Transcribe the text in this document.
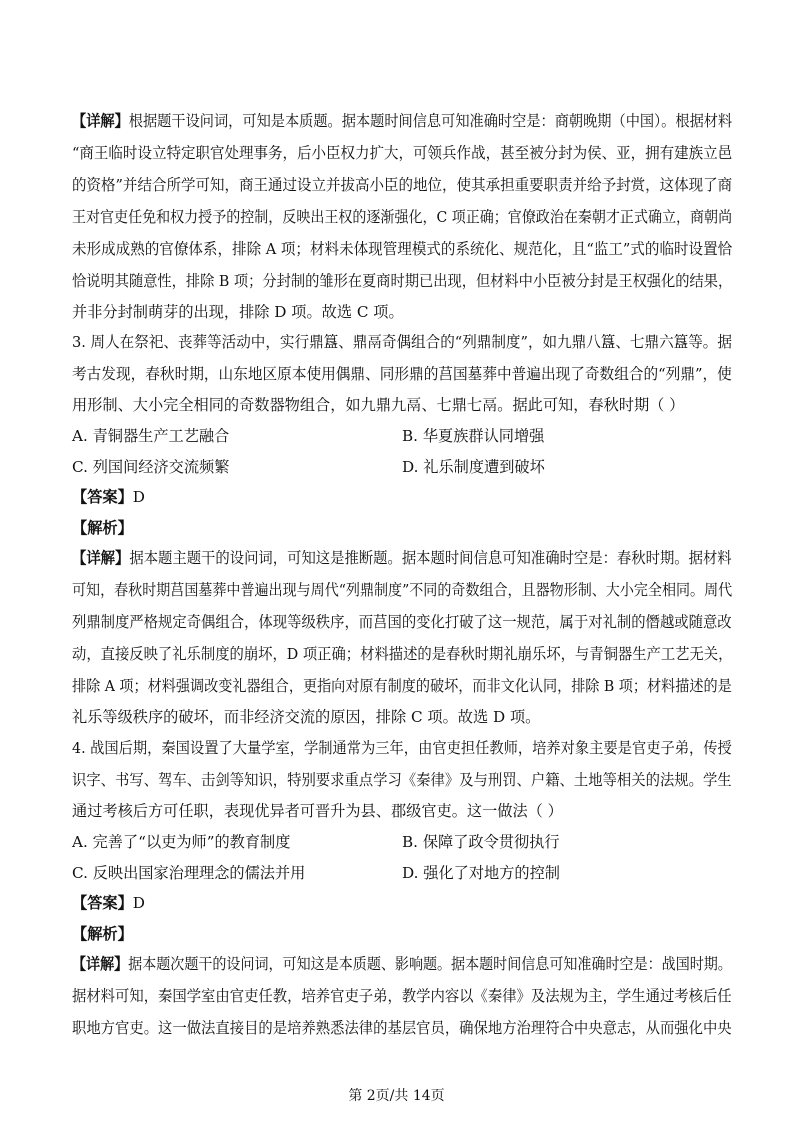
【详解】根据题干设问词，可知是本质题。据本题时间信息可知准确时空是：商朝晚期（中国）。根据材料
“商王临时设立特定职官处理事务，后小臣权力扩大，可领兵作战，甚至被分封为侯、亚，拥有建族立邑
的资格”并结合所学可知，商王通过设立并拔高小臣的地位，使其承担重要职责并给予封赏，这体现了商
王对官吏任免和权力授予的控制，反映出王权的逐渐强化，C 项正确；官僚政治在秦朝才正式确立，商朝尚
未形成成熟的官僚体系，排除 A 项；材料未体现管理模式的系统化、规范化，且“监工”式的临时设置恰
恰说明其随意性，排除 B 项；分封制的雏形在夏商时期已出现，但材料中小臣被分封是王权强化的结果，
并非分封制萌芽的出现，排除 D 项。故选 C 项。
3. 周人在祭祀、丧葬等活动中，实行鼎簋、鼎鬲奇偶组合的“列鼎制度”，如九鼎八簋、七鼎六簋等。据
考古发现，春秋时期，山东地区原本使用偶鼎、同形鼎的莒国墓葬中普遍出现了奇数组合的“列鼎”，使
用形制、大小完全相同的奇数器物组合，如九鼎九鬲、七鼎七鬲。据此可知，春秋时期（ ）
A. 青铜器生产工艺融合	B. 华夏族群认同增强
C. 列国间经济交流频繁	D. 礼乐制度遭到破坏
【答案】D
【解析】
【详解】据本题主题干的设问词，可知这是推断题。据本题时间信息可知准确时空是：春秋时期。据材料
可知，春秋时期莒国墓葬中普遍出现与周代“列鼎制度”不同的奇数组合，且器物形制、大小完全相同。周代
列鼎制度严格规定奇偶组合，体现等级秩序，而莒国的变化打破了这一规范，属于对礼制的僭越或随意改
动，直接反映了礼乐制度的崩坏，D 项正确；材料描述的是春秋时期礼崩乐坏，与青铜器生产工艺无关，
排除 A 项；材料强调改变礼器组合，更指向对原有制度的破坏，而非文化认同，排除 B 项；材料描述的是
礼乐等级秩序的破坏，而非经济交流的原因，排除 C 项。故选 D 项。
4. 战国后期，秦国设置了大量学室，学制通常为三年，由官吏担任教师，培养对象主要是官吏子弟，传授
识字、书写、驾车、击剑等知识，特别要求重点学习《秦律》及与刑罚、户籍、土地等相关的法规。学生
通过考核后方可任职，表现优异者可晋升为县、郡级官吏。这一做法（ ）
A. 完善了“以吏为师”的教育制度	B. 保障了政令贯彻执行
C. 反映出国家治理理念的儒法并用	D. 强化了对地方的控制
【答案】D
【解析】
【详解】据本题次题干的设问词，可知这是本质题、影响题。据本题时间信息可知准确时空是：战国时期。
据材料可知，秦国学室由官吏任教，培养官吏子弟，教学内容以《秦律》及法规为主，学生通过考核后任
职地方官吏。这一做法直接目的是培养熟悉法律的基层官员，确保地方治理符合中央意志，从而强化中央
第 2页/共 14页
